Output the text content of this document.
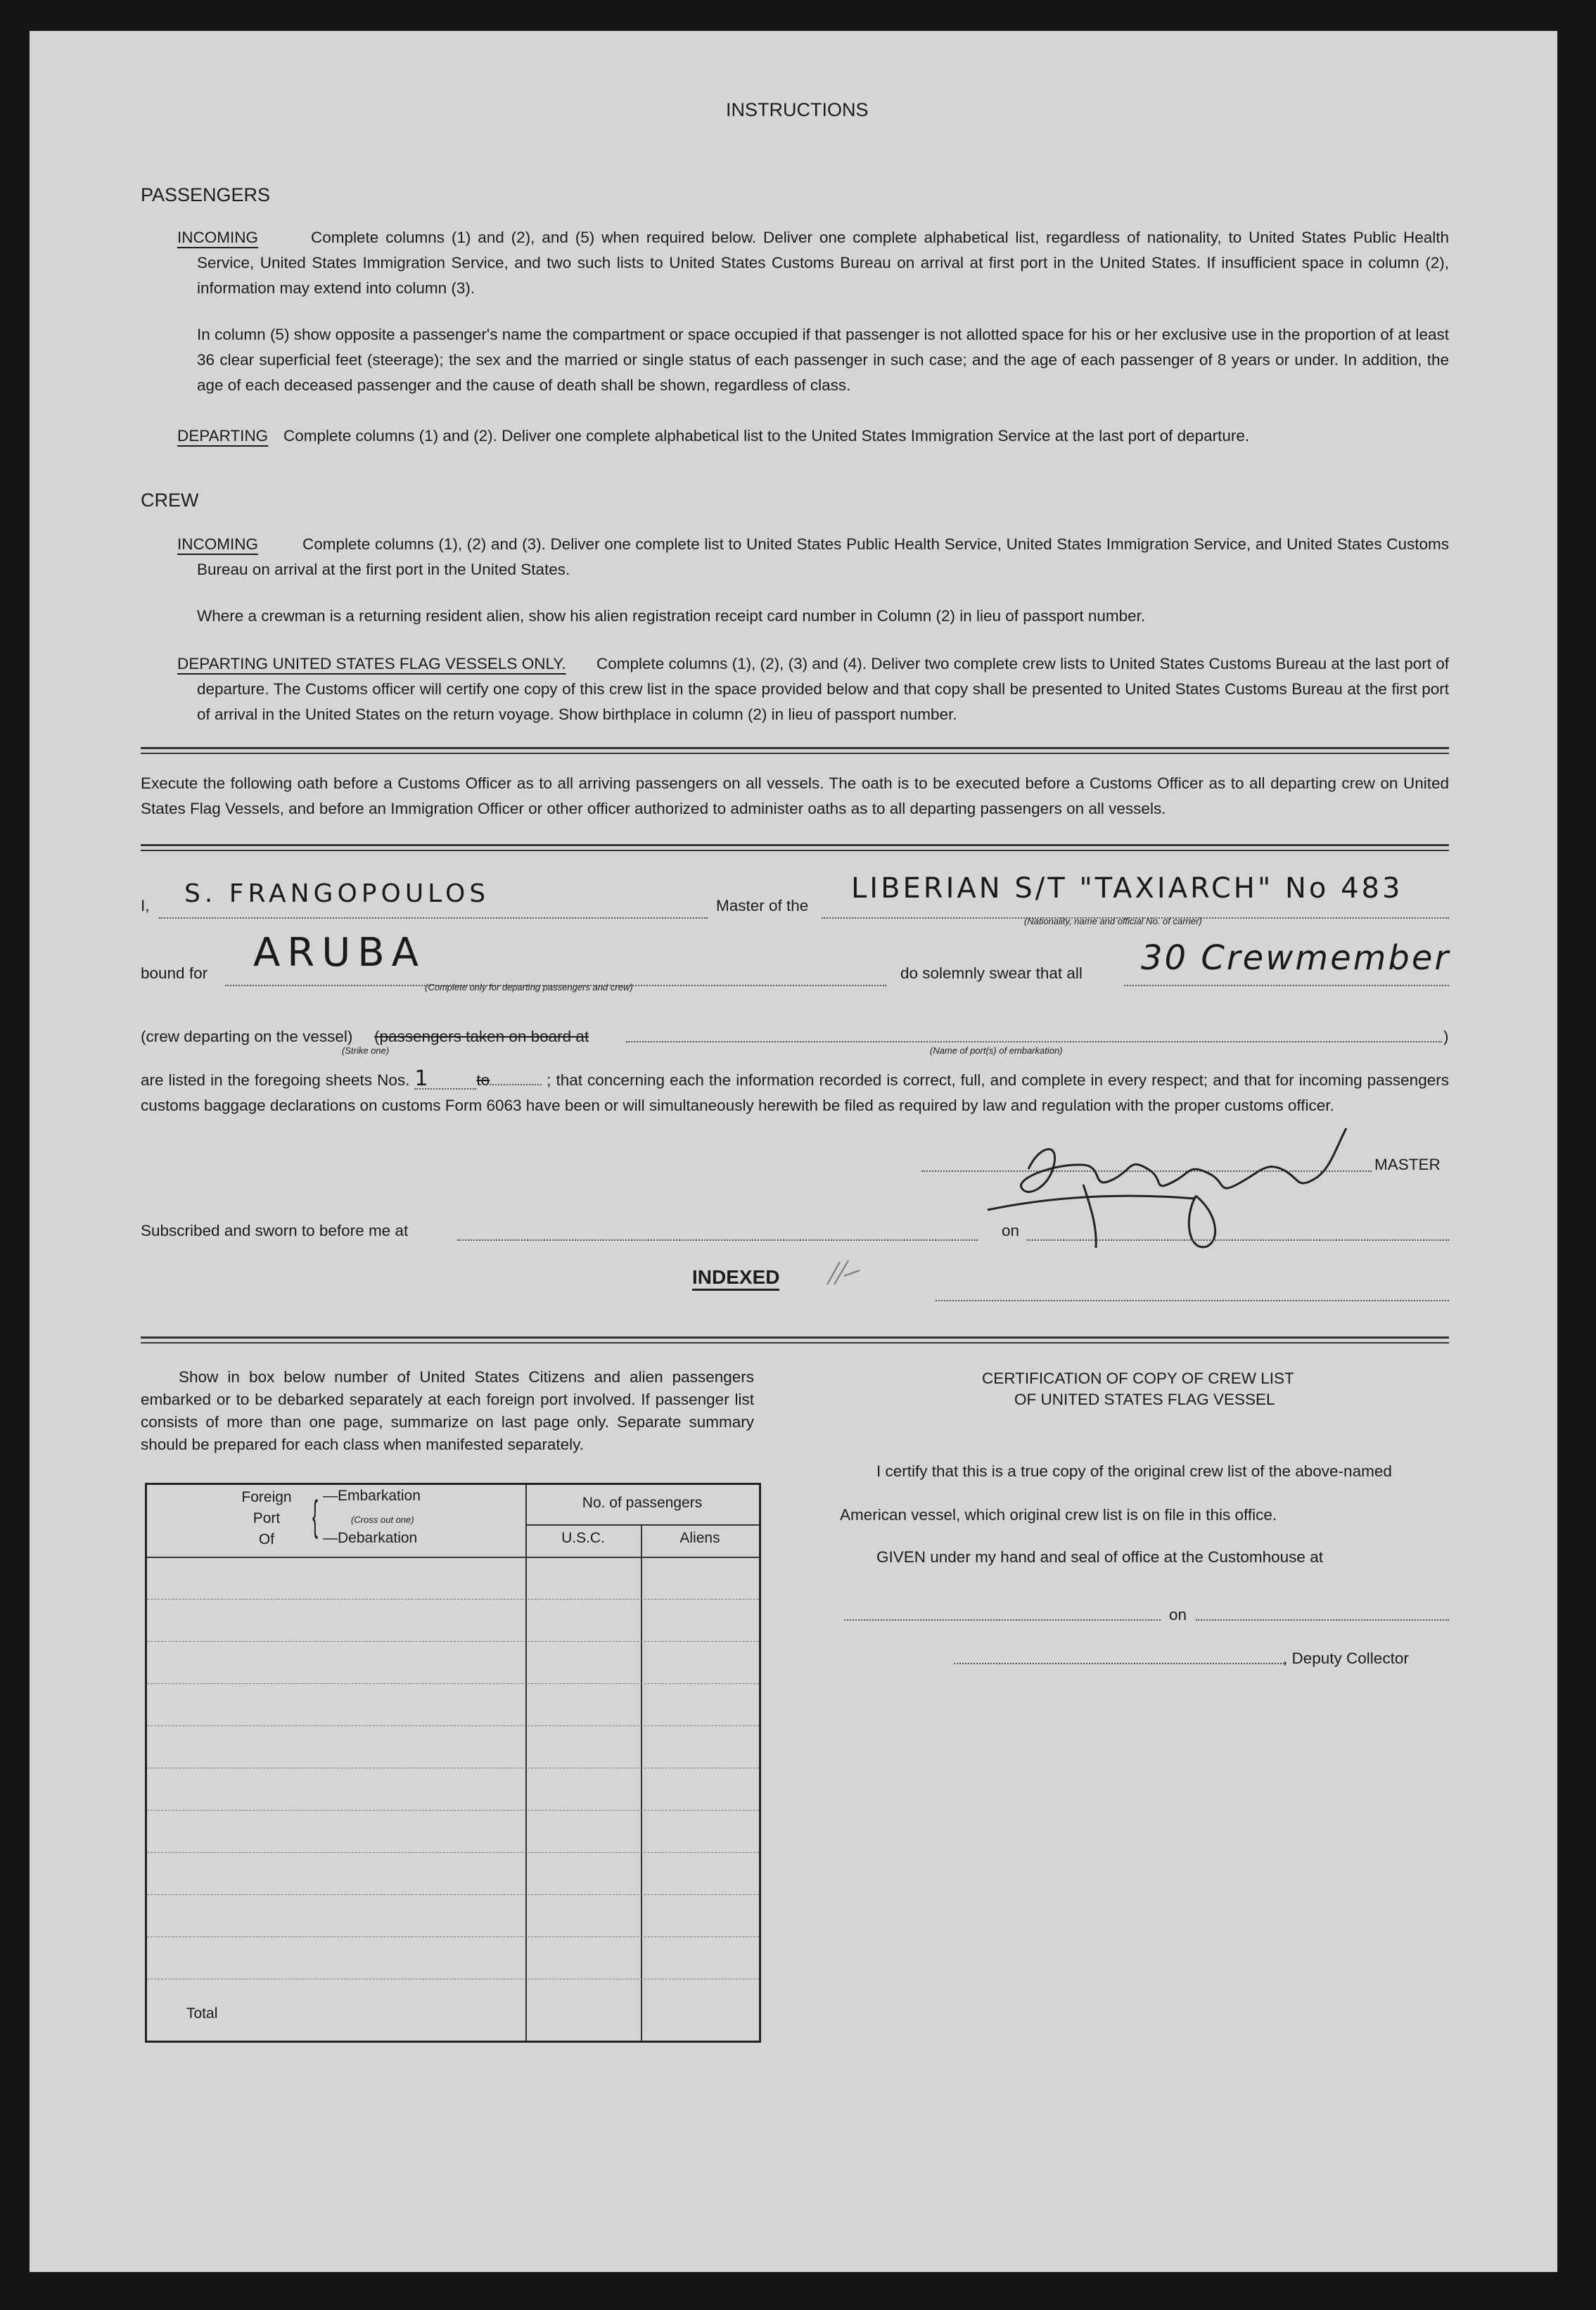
INSTRUCTIONS
PASSENGERS
INCOMING	Complete columns (1) and (2), and (5) when required below. Deliver one complete alphabetical list, regardless of nationality, to United States Public Health Service, United States Immigration Service, and two such lists to United States Customs Bureau on arrival at first port in the United States. If insufficient space in column (2), information may extend into column (3).
In column (5) show opposite a passenger's name the compartment or space occupied if that passenger is not allotted space for his or her exclusive use in the proportion of at least 36 clear superficial feet (steerage); the sex and the married or single status of each passenger in such case; and the age of each passenger of 8 years or under. In addition, the age of each deceased passenger and the cause of death shall be shown, regardless of class.
DEPARTING Complete columns (1) and (2). Deliver one complete alphabetical list to the United States Immigration Service at the last port of departure.
CREW
INCOMING	Complete columns (1), (2) and (3). Deliver one complete list to United States Public Health Service, United States Immigration Service, and United States Customs Bureau on arrival at the first port in the United States.
Where a crewman is a returning resident alien, show his alien registration receipt card number in Column (2) in lieu of passport number.
DEPARTING UNITED STATES FLAG VESSELS ONLY.	Complete columns (1), (2), (3) and (4). Deliver two complete crew lists to United States Customs Bureau at the last port of departure. The Customs officer will certify one copy of this crew list in the space provided below and that copy shall be presented to United States Customs Bureau at the first port of arrival in the United States on the return voyage. Show birthplace in column (2) in lieu of passport number.
Execute the following oath before a Customs Officer as to all arriving passengers on all vessels. The oath is to be executed before a Customs Officer as to all departing crew on United States Flag Vessels, and before an Immigration Officer or other officer authorized to administer oaths as to all departing passengers on all vessels.
I, S. FRANGOPOULOS	Master of the
LIBERIAN S/T "TAXIARCH" No 483
(Nationality, name and official No. of carrier)
bound for ARUBA
(Complete only for departing passengers and crew)
do solemnly swear that all 30 Crewmember
(crew departing on the vessel) (passengers taken on board at
(Strike one)	(Name of port(s) of embarkation)
)
are listed in the foregoing sheets Nos. 1	to	; that concerning each the information recorded is correct, full, and complete in every respect; and that for incoming passengers customs baggage declarations on customs Form 6063 have been or will simultaneously herewith be filed as required by law and regulation with the proper customs officer.
MASTER
Subscribed and sworn to before me at	on
INDEXED
Show in box below number of United States Citizens and alien passengers embarked or to be debarked separately at each foreign port involved. If passenger list consists of more than one page, summarize on last page only. Separate summary should be prepared for each class when manifested separately.
Foreign
Port
Of
{ —Embarkation
(Cross out one)
—Debarkation
No. of passengers
U.S.C.	Aliens
Total
CERTIFICATION OF COPY OF CREW LIST
OF UNITED STATES FLAG VESSEL
I certify that this is a true copy of the original crew list of the above-named
American vessel, which original crew list is on file in this office.
GIVEN under my hand and seal of office at the Customhouse at
on
, Deputy Collector
